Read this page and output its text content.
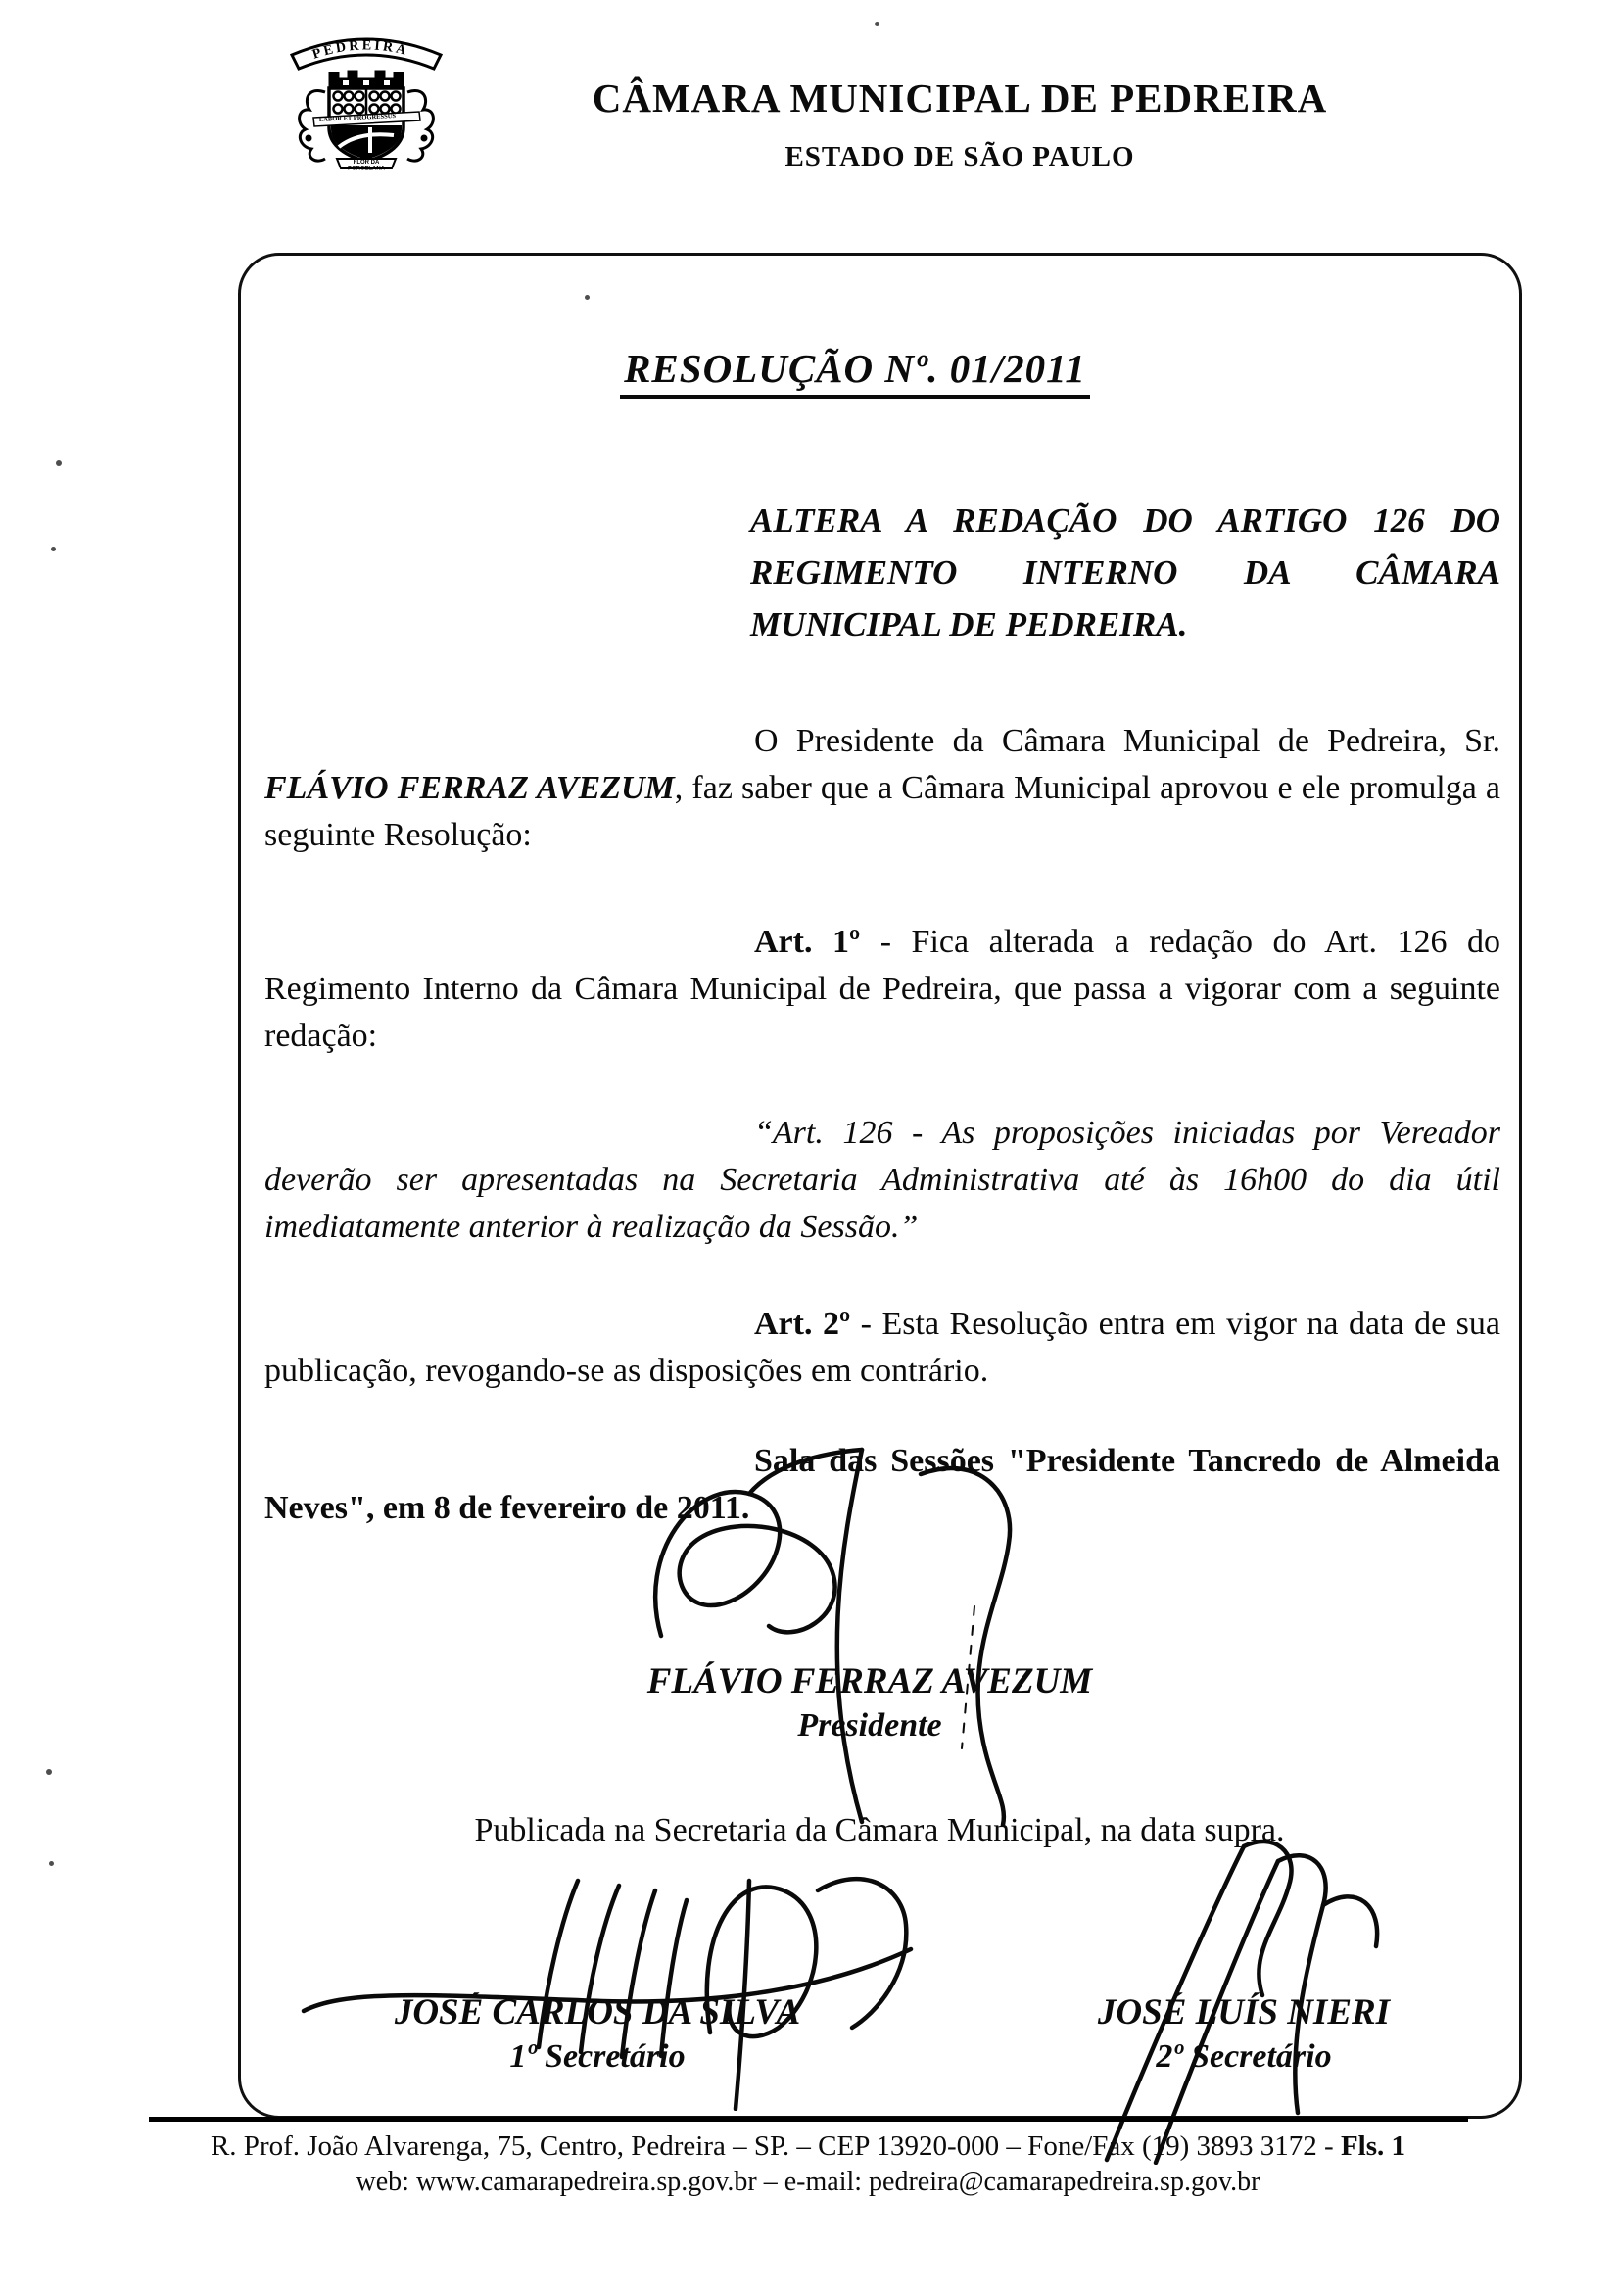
PEDREIRA
LABOR ET PROGRESSUS
FLOR DA
PORCELANA
CÂMARA MUNICIPAL DE PEDREIRA
ESTADO DE SÃO PAULO
RESOLUÇÃO Nº. 01/2011
ALTERA A REDAÇÃO DO ARTIGO 126 DO REGIMENTO INTERNO DA CÂMARA MUNICIPAL DE PEDREIRA.
O Presidente da Câmara Municipal de Pedreira, Sr. FLÁVIO FERRAZ AVEZUM, faz saber que a Câmara Municipal aprovou e ele promulga a seguinte Resolução:
Art. 1º - Fica alterada a redação do Art. 126 do Regimento Interno da Câmara Municipal de Pedreira, que passa a vigorar com a seguinte redação:
“Art. 126 - As proposições iniciadas por Vereador deverão ser apresentadas na Secretaria Administrativa até às 16h00 do dia útil imediatamente anterior à realização da Sessão.”
Art. 2º - Esta Resolução entra em vigor na data de sua publicação, revogando-se as disposições em contrário.
Sala das Sessões "Presidente Tancredo de Almeida Neves", em 8 de fevereiro de 2011.
FLÁVIO FERRAZ AVEZUM
Presidente
Publicada na Secretaria da Câmara Municipal, na data supra.
JOSÉ CARLOS DA SILVA
1º Secretário
JOSÉ LUÍS NIERI
2º Secretário
R. Prof. João Alvarenga, 75, Centro, Pedreira – SP. – CEP 13920-000 – Fone/Fax (19) 3893 3172 - Fls. 1
web: www.camarapedreira.sp.gov.br – e-mail: pedreira@camarapedreira.sp.gov.br
